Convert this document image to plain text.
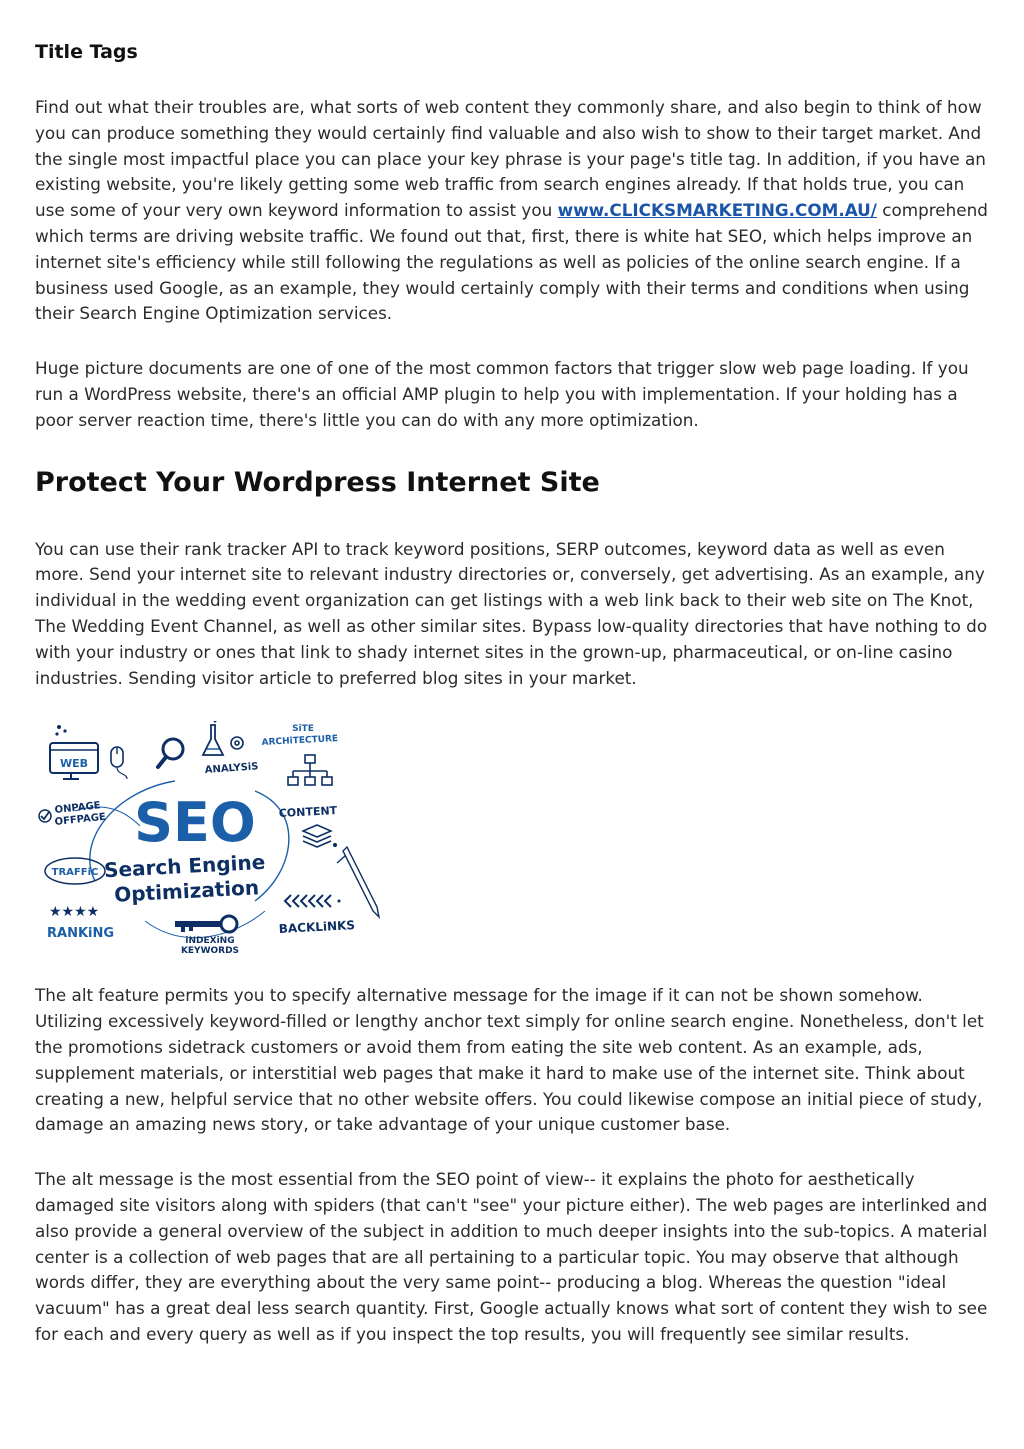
Title Tags

Find out what their troubles are, what sorts of web content they commonly share, and also begin to think of how you can produce something they would certainly find valuable and also wish to show to their target market. And the single most impactful place you can place your key phrase is your page's title tag. In addition, if you have an existing website, you're likely getting some web traffic from search engines already. If that holds true, you can use some of your very own keyword information to assist you www.CLICKSMARKETING.COM.AU/ comprehend which terms are driving website traffic. We found out that, first, there is white hat SEO, which helps improve an internet site's efficiency while still following the regulations as well as policies of the online search engine. If a business used Google, as an example, they would certainly comply with their terms and conditions when using their Search Engine Optimization services.

Huge picture documents are one of one of the most common factors that trigger slow web page loading. If you run a WordPress website, there's an official AMP plugin to help you with implementation. If your holding has a poor server reaction time, there's little you can do with any more optimization.

Protect Your Wordpress Internet Site

You can use their rank tracker API to track keyword positions, SERP outcomes, keyword data as well as even more. Send your internet site to relevant industry directories or, conversely, get advertising. As an example, any individual in the wedding event organization can get listings with a web link back to their web site on The Knot, The Wedding Event Channel, as well as other similar sites. Bypass low-quality directories that have nothing to do with your industry or ones that link to shady internet sites in the grown-up, pharmaceutical, or on-line casino industries. Sending visitor article to preferred blog sites in your market.

WEB	ANALYSiS
SiTE
ARCHiTECTURE
ONPAGE
OFFPAGE SEO CONTENT
Search Engine
Optimization
TRAFFiC
★★★★
RANKiNG	iNDEXiNG
KEYWORDS
BACKLiNKS

The alt feature permits you to specify alternative message for the image if it can not be shown somehow. Utilizing excessively keyword-filled or lengthy anchor text simply for online search engine. Nonetheless, don't let the promotions sidetrack customers or avoid them from eating the site web content. As an example, ads, supplement materials, or interstitial web pages that make it hard to make use of the internet site. Think about creating a new, helpful service that no other website offers. You could likewise compose an initial piece of study, damage an amazing news story, or take advantage of your unique customer base.

The alt message is the most essential from the SEO point of view-- it explains the photo for aesthetically damaged site visitors along with spiders (that can't "see" your picture either). The web pages are interlinked and also provide a general overview of the subject in addition to much deeper insights into the sub-topics. A material center is a collection of web pages that are all pertaining to a particular topic. You may observe that although words differ, they are everything about the very same point-- producing a blog. Whereas the question "ideal vacuum" has a great deal less search quantity. First, Google actually knows what sort of content they wish to see for each and every query as well as if you inspect the top results, you will frequently see similar results.
